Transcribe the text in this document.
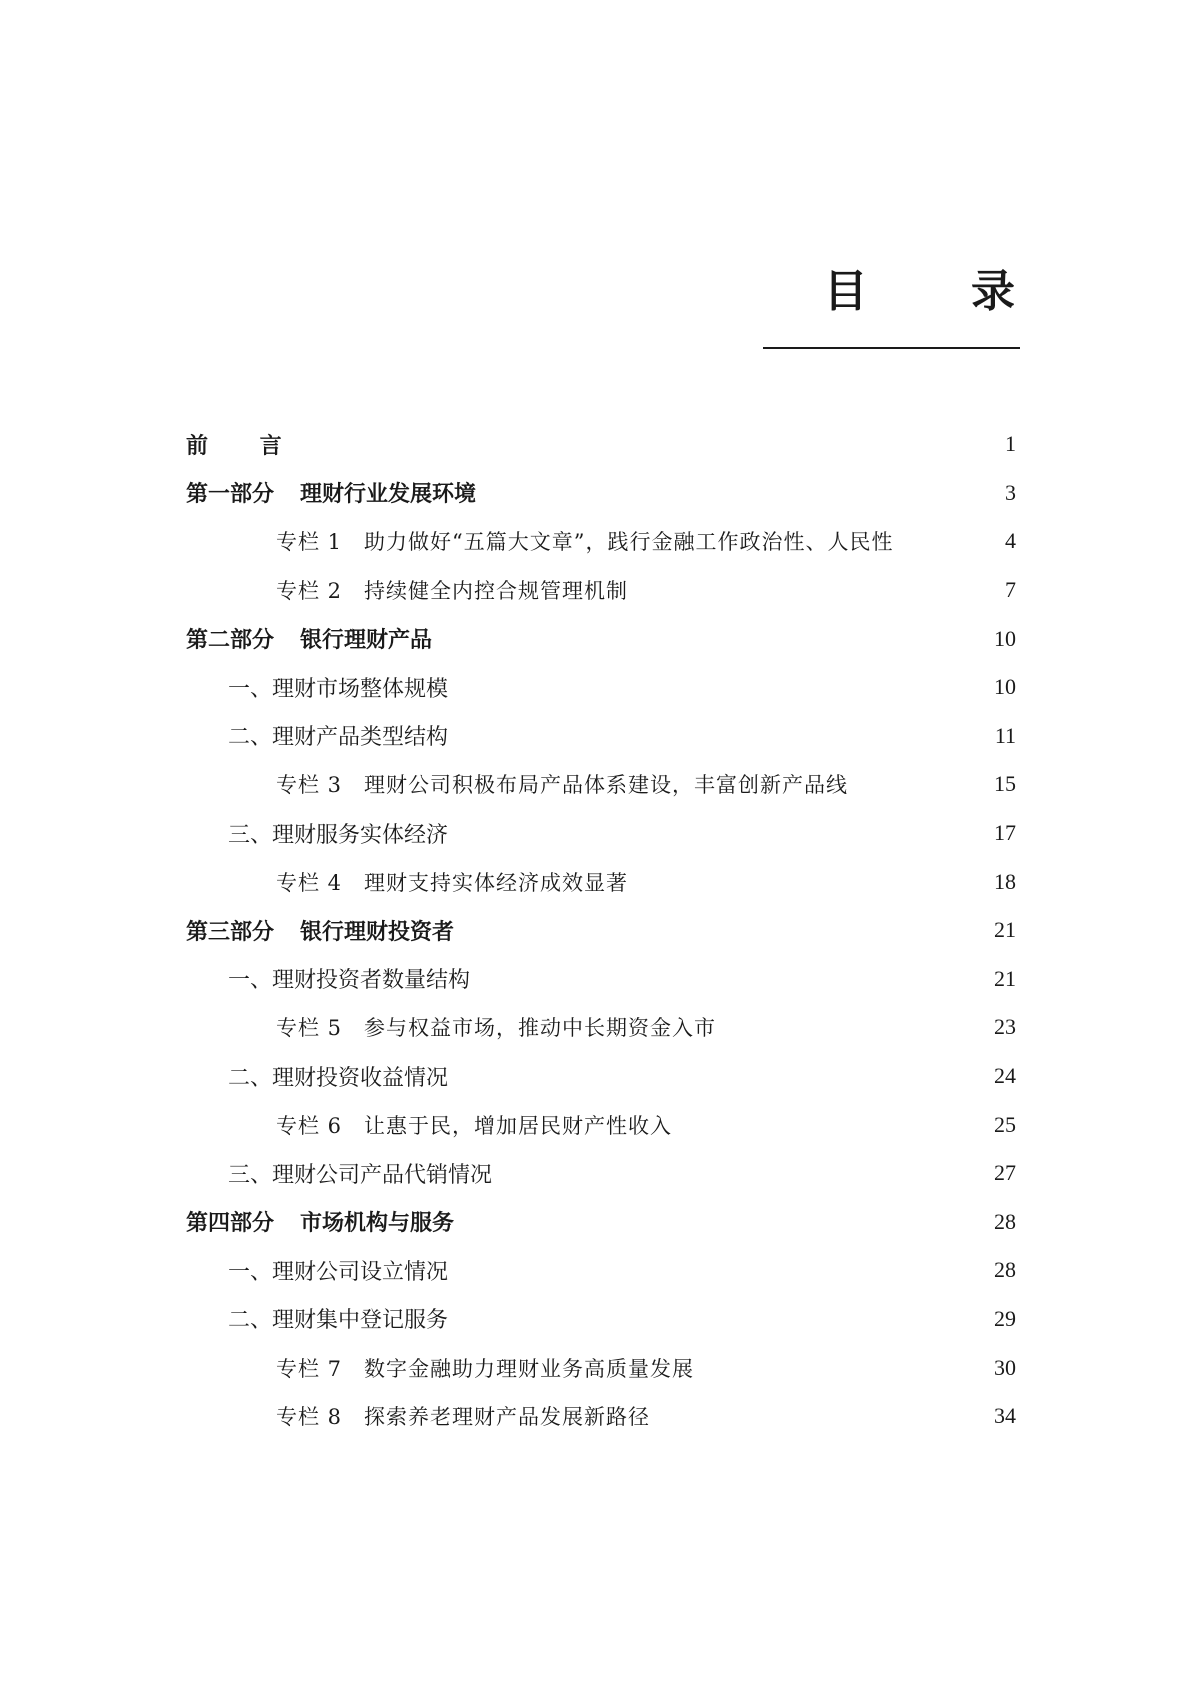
目 录
前 言	1
第一部分 理财行业发展环境	3
专栏 1 助力做好“五篇大文章”，践行金融工作政治性、人民性	4
专栏 2 持续健全内控合规管理机制	7
第二部分 银行理财产品	10
一、理财市场整体规模	10
二、理财产品类型结构	11
专栏 3 理财公司积极布局产品体系建设，丰富创新产品线	15
三、理财服务实体经济	17
专栏 4 理财支持实体经济成效显著	18
第三部分 银行理财投资者	21
一、理财投资者数量结构	21
专栏 5 参与权益市场，推动中长期资金入市	23
二、理财投资收益情况	24
专栏 6 让惠于民，增加居民财产性收入	25
三、理财公司产品代销情况	27
第四部分 市场机构与服务	28
一、理财公司设立情况	28
二、理财集中登记服务	29
专栏 7 数字金融助力理财业务高质量发展	30
专栏 8 探索养老理财产品发展新路径	34
